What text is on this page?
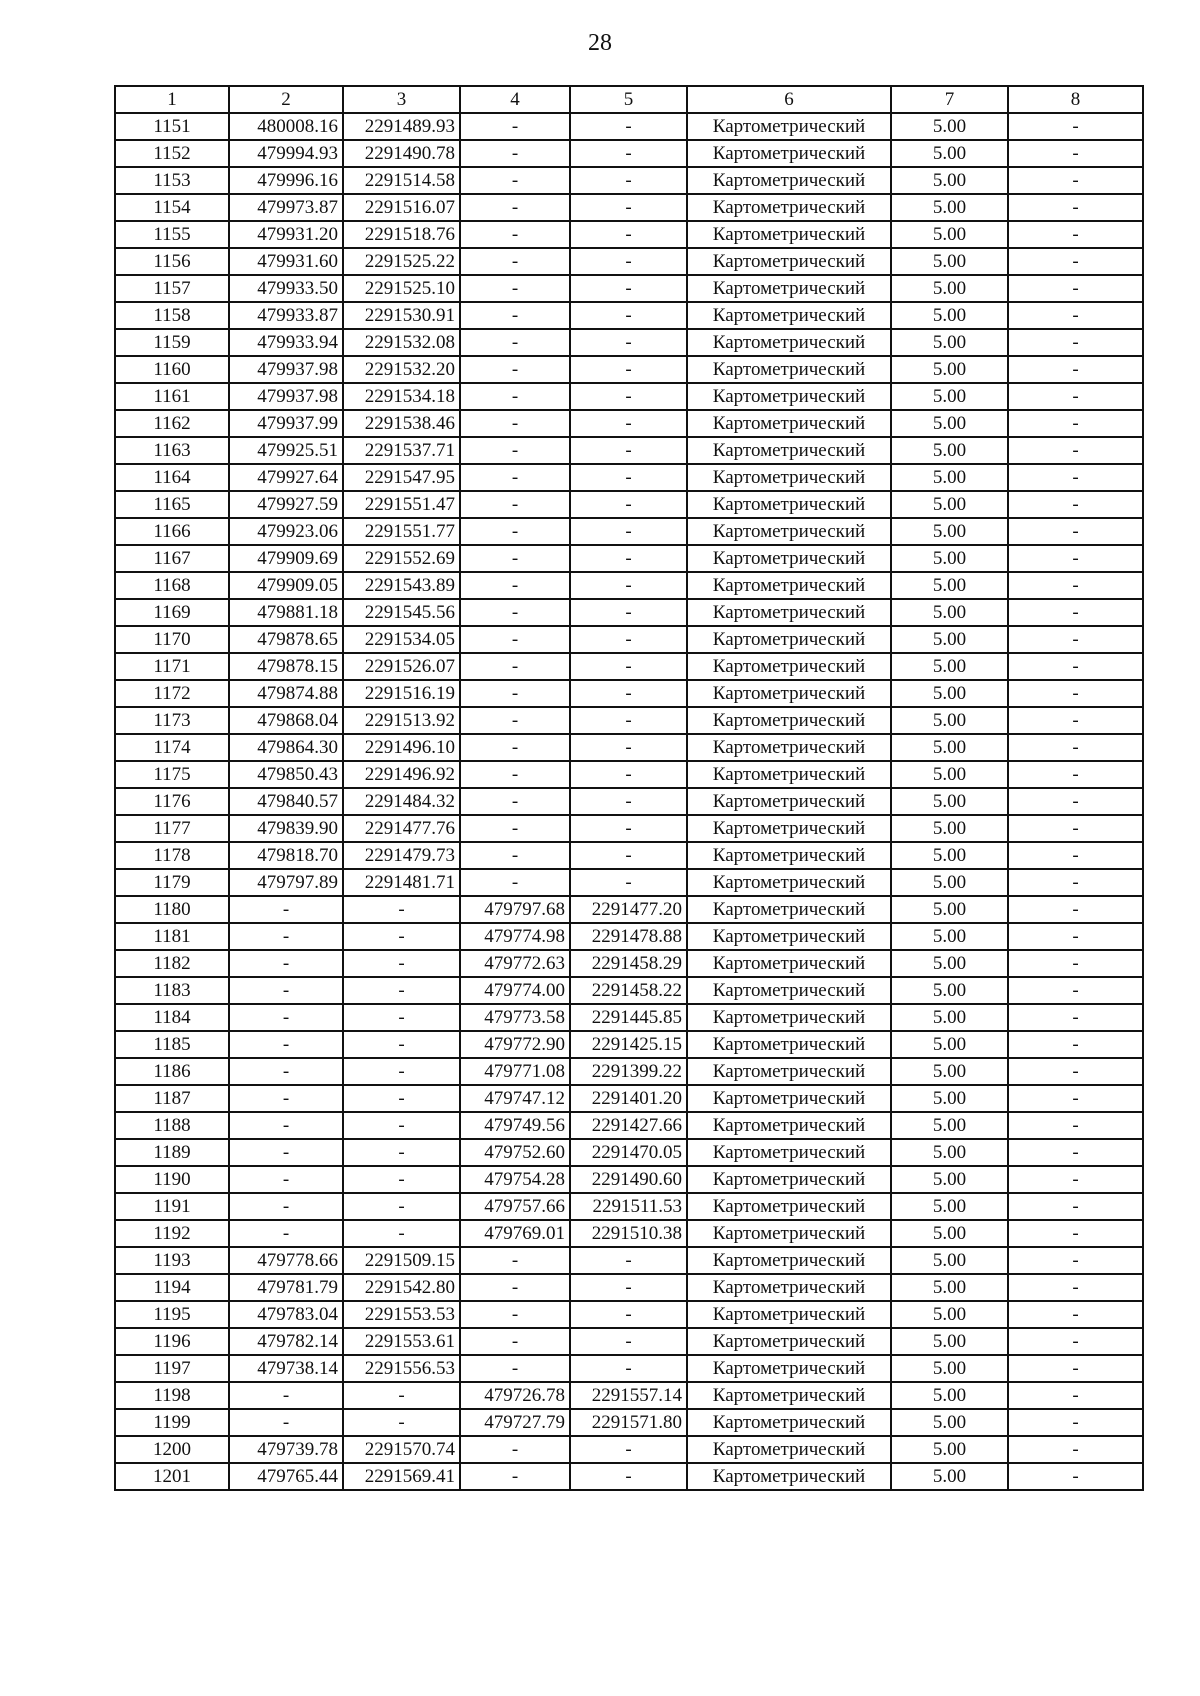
28
1	2	3	4	5	6	7	8
1151	480008.16	2291489.93	-	-	Картометрический	5.00	-
1152	479994.93	2291490.78	-	-	Картометрический	5.00	-
1153	479996.16	2291514.58	-	-	Картометрический	5.00	-
1154	479973.87	2291516.07	-	-	Картометрический	5.00	-
1155	479931.20	2291518.76	-	-	Картометрический	5.00	-
1156	479931.60	2291525.22	-	-	Картометрический	5.00	-
1157	479933.50	2291525.10	-	-	Картометрический	5.00	-
1158	479933.87	2291530.91	-	-	Картометрический	5.00	-
1159	479933.94	2291532.08	-	-	Картометрический	5.00	-
1160	479937.98	2291532.20	-	-	Картометрический	5.00	-
1161	479937.98	2291534.18	-	-	Картометрический	5.00	-
1162	479937.99	2291538.46	-	-	Картометрический	5.00	-
1163	479925.51	2291537.71	-	-	Картометрический	5.00	-
1164	479927.64	2291547.95	-	-	Картометрический	5.00	-
1165	479927.59	2291551.47	-	-	Картометрический	5.00	-
1166	479923.06	2291551.77	-	-	Картометрический	5.00	-
1167	479909.69	2291552.69	-	-	Картометрический	5.00	-
1168	479909.05	2291543.89	-	-	Картометрический	5.00	-
1169	479881.18	2291545.56	-	-	Картометрический	5.00	-
1170	479878.65	2291534.05	-	-	Картометрический	5.00	-
1171	479878.15	2291526.07	-	-	Картометрический	5.00	-
1172	479874.88	2291516.19	-	-	Картометрический	5.00	-
1173	479868.04	2291513.92	-	-	Картометрический	5.00	-
1174	479864.30	2291496.10	-	-	Картометрический	5.00	-
1175	479850.43	2291496.92	-	-	Картометрический	5.00	-
1176	479840.57	2291484.32	-	-	Картометрический	5.00	-
1177	479839.90	2291477.76	-	-	Картометрический	5.00	-
1178	479818.70	2291479.73	-	-	Картометрический	5.00	-
1179	479797.89	2291481.71	-	-	Картометрический	5.00	-
1180	-	-	479797.68	2291477.20	Картометрический	5.00	-
1181	-	-	479774.98	2291478.88	Картометрический	5.00	-
1182	-	-	479772.63	2291458.29	Картометрический	5.00	-
1183	-	-	479774.00	2291458.22	Картометрический	5.00	-
1184	-	-	479773.58	2291445.85	Картометрический	5.00	-
1185	-	-	479772.90	2291425.15	Картометрический	5.00	-
1186	-	-	479771.08	2291399.22	Картометрический	5.00	-
1187	-	-	479747.12	2291401.20	Картометрический	5.00	-
1188	-	-	479749.56	2291427.66	Картометрический	5.00	-
1189	-	-	479752.60	2291470.05	Картометрический	5.00	-
1190	-	-	479754.28	2291490.60	Картометрический	5.00	-
1191	-	-	479757.66	2291511.53	Картометрический	5.00	-
1192	-	-	479769.01	2291510.38	Картометрический	5.00	-
1193	479778.66	2291509.15	-	-	Картометрический	5.00	-
1194	479781.79	2291542.80	-	-	Картометрический	5.00	-
1195	479783.04	2291553.53	-	-	Картометрический	5.00	-
1196	479782.14	2291553.61	-	-	Картометрический	5.00	-
1197	479738.14	2291556.53	-	-	Картометрический	5.00	-
1198	-	-	479726.78	2291557.14	Картометрический	5.00	-
1199	-	-	479727.79	2291571.80	Картометрический	5.00	-
1200	479739.78	2291570.74	-	-	Картометрический	5.00	-
1201	479765.44	2291569.41	-	-	Картометрический	5.00	-
